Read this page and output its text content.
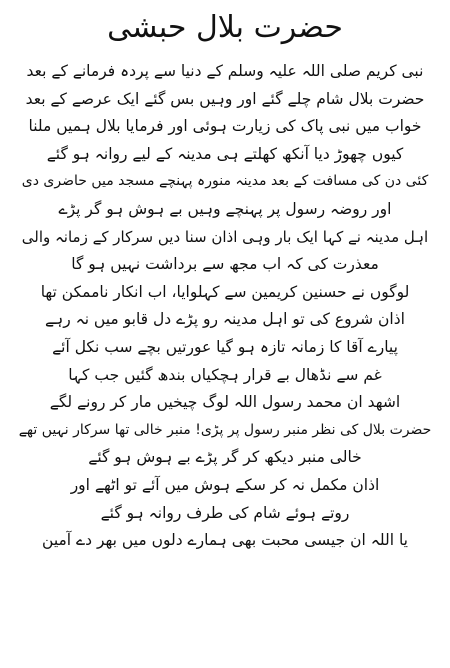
حضرت بلال حبشی
نبی کریم صلی اللہ علیہ وسلم کے دنیا سے پردہ فرمانے کے بعد
حضرت بلال شام چلے گئے اور وہیں بس گئے ایک عرصے کے بعد
خواب میں نبی پاک کی زیارت ہوئی اور فرمایا بلال ہمیں ملنا
کیوں چھوڑ دیا آنکھ کھلتے ہی مدینہ کے لیے روانہ ہو گئے
کئی دن کی مسافت کے بعد مدینہ منورہ پہنچے مسجد میں حاضری دی
اور روضہ رسول پر پہنچے وہیں بے ہوش ہو گر پڑے
اہل مدینہ نے کہا ایک بار وہی اذان سنا دیں سرکار کے زمانہ والی
معذرت کی کہ اب مجھ سے برداشت نہیں ہو گا
لوگوں نے حسنین کریمین سے کہلوایا، اب انکار ناممکن تھا
اذان شروع کی تو اہل مدینہ رو پڑے دل قابو میں نہ رہے
پیارے آقا کا زمانہ تازہ ہو گیا عورتیں بچے سب نکل آئے
غم سے نڈھال بے قرار ہچکیاں بندھ گئیں جب کہا
اشھد ان محمد رسول اللہ لوگ چیخیں مار کر رونے لگے
حضرت بلال کی نظر منبر رسول پر پڑی! منبر خالی تھا سرکار نہیں تھے
خالی منبر دیکھ کر گر پڑے بے ہوش ہو گئے
اذان مکمل نہ کر سکے ہوش میں آئے تو اٹھے اور
روتے ہوئے شام کی طرف روانہ ہو گئے
یا اللہ ان جیسی محبت بھی ہمارے دلوں میں بھر دے آمین
